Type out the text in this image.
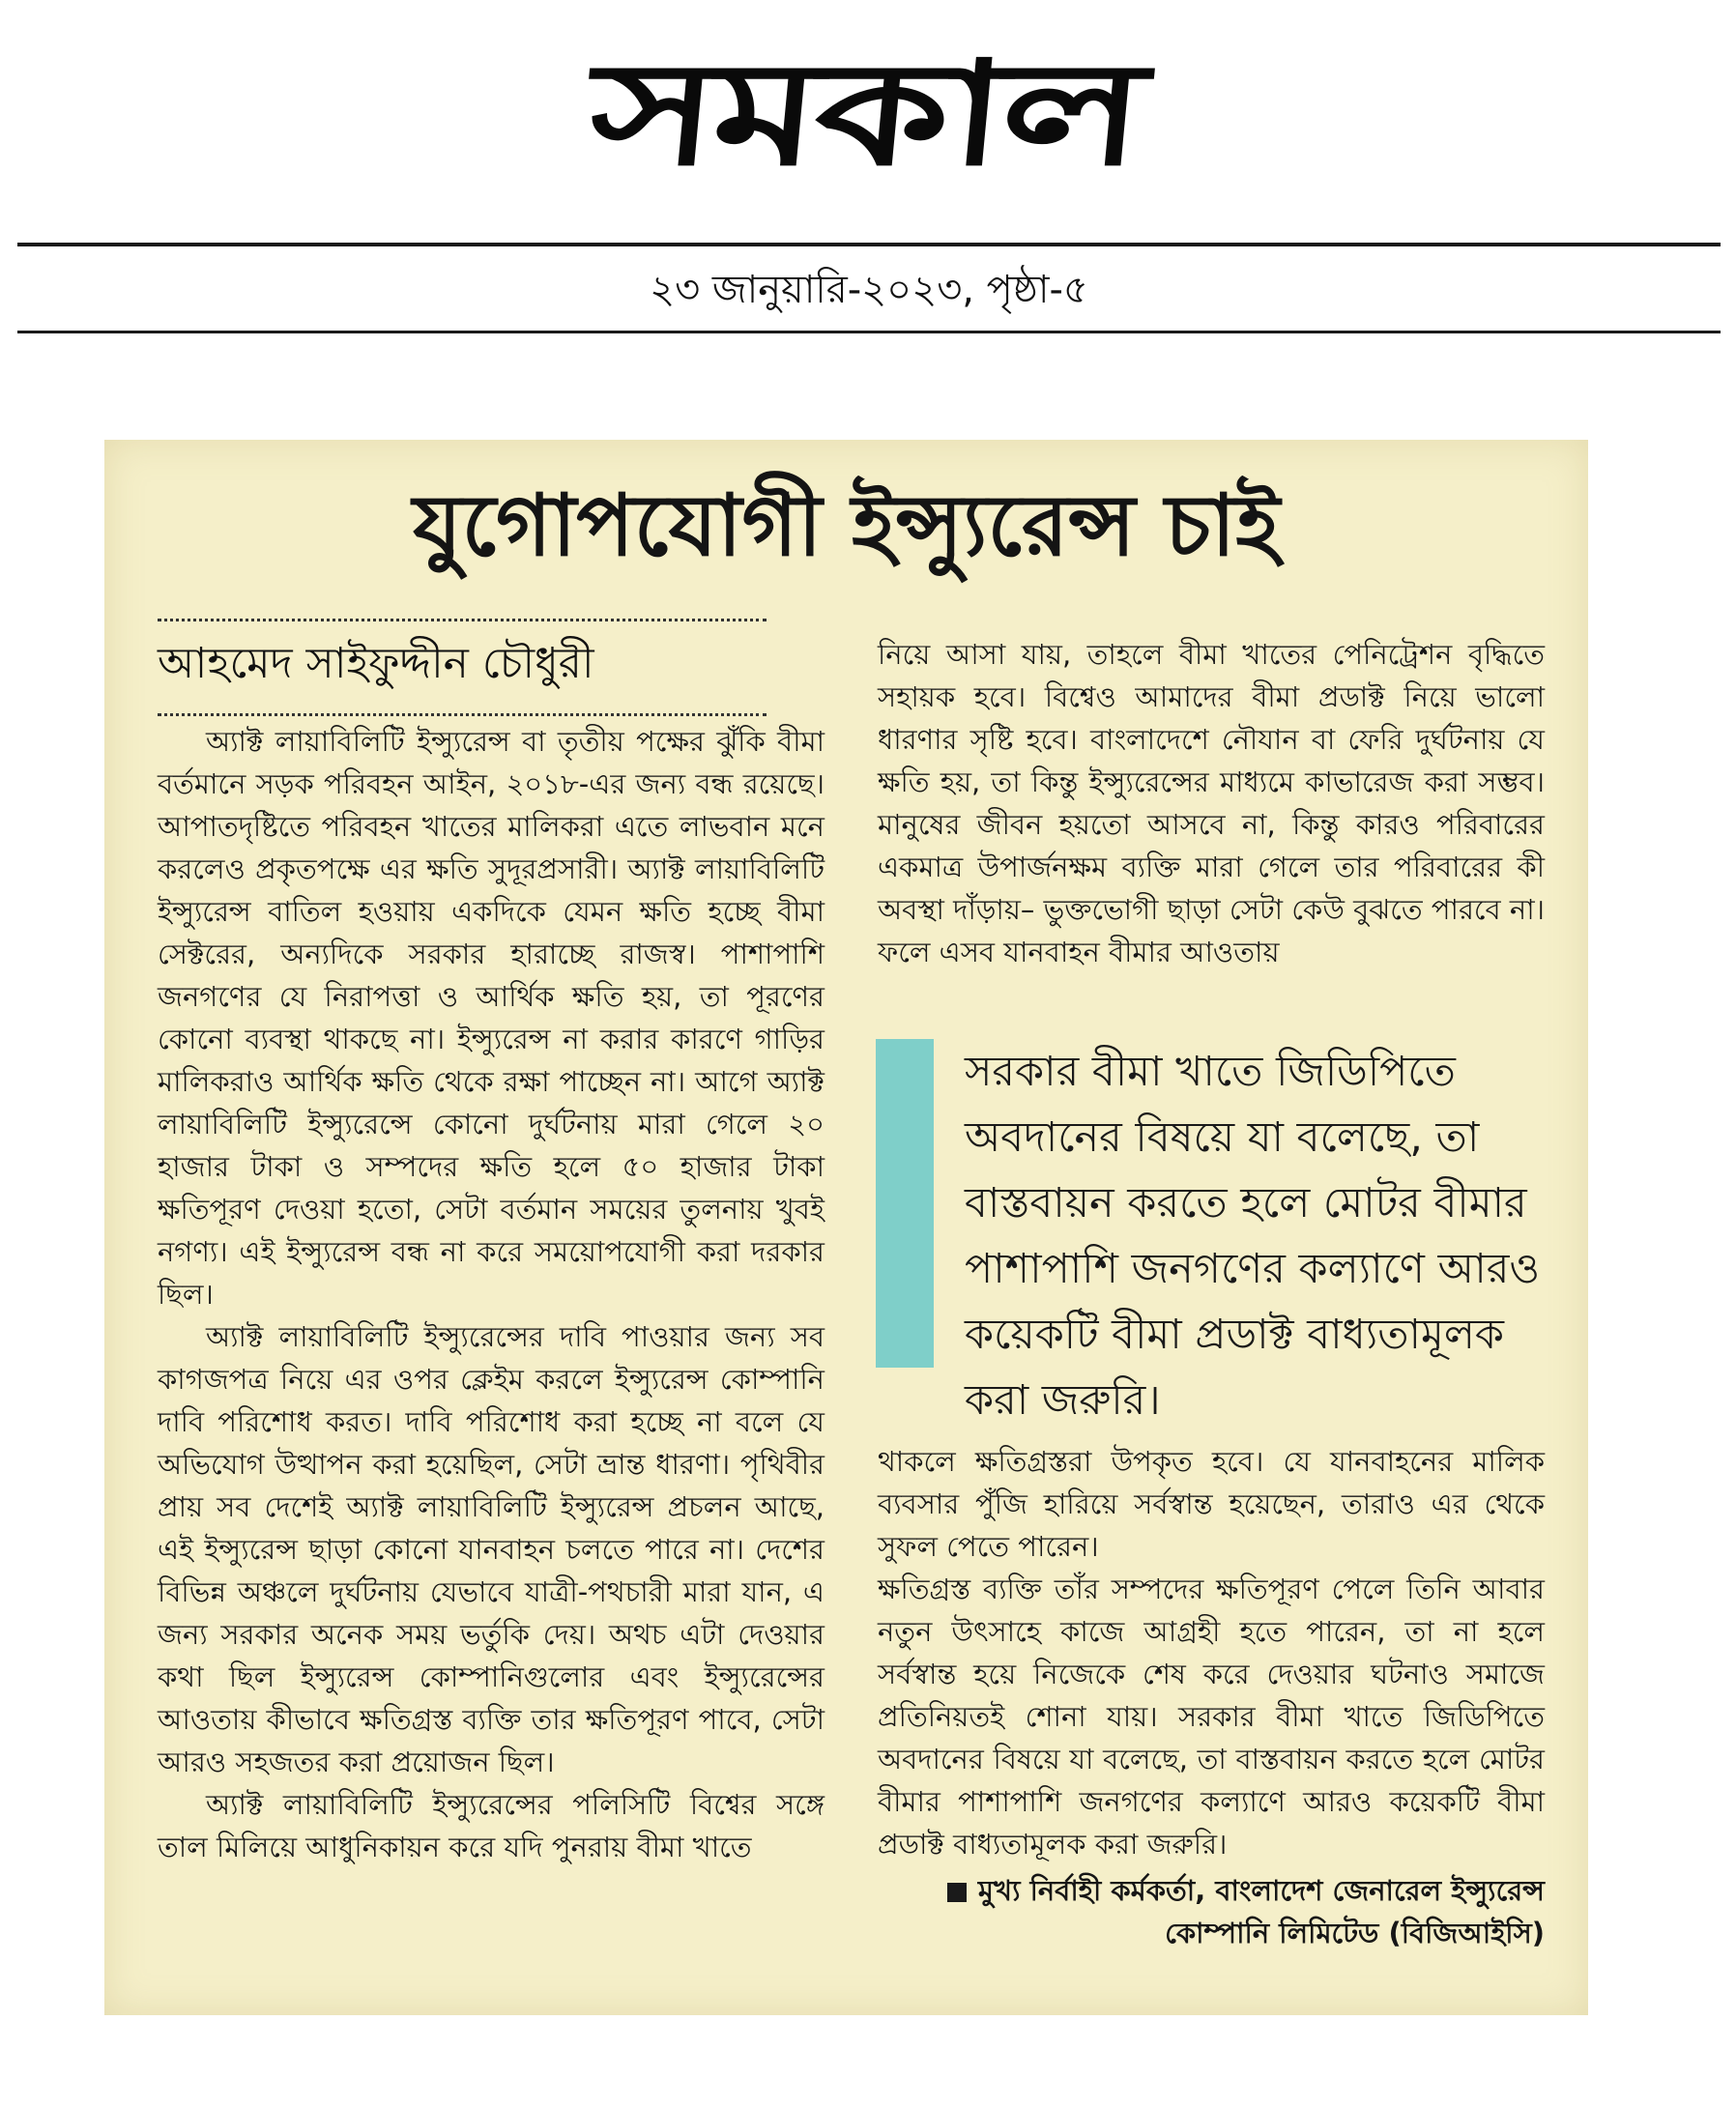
সমকাল
২৩ জানুয়ারি-২০২৩, পৃষ্ঠা-৫
যুগোপযোগী ইন্স্যুরেন্স চাই
আহমেদ সাইফুদ্দীন চৌধুরী

অ্যাক্ট লায়াবিলিটি ইন্স্যুরেন্স বা তৃতীয় পক্ষের ঝুঁকি বীমা বর্তমানে সড়ক পরিবহন আইন, ২০১৮-এর জন্য বন্ধ রয়েছে। আপাতদৃষ্টিতে পরিবহন খাতের মালিকরা এতে লাভবান মনে করলেও প্রকৃতপক্ষে এর ক্ষতি সুদূরপ্রসারী। অ্যাক্ট লায়াবিলিটি ইন্স্যুরেন্স বাতিল হওয়ায় একদিকে যেমন ক্ষতি হচ্ছে বীমা সেক্টরের, অন্যদিকে সরকার হারাচ্ছে রাজস্ব। পাশাপাশি জনগণের যে নিরাপত্তা ও আর্থিক ক্ষতি হয়, তা পূরণের কোনো ব্যবস্থা থাকছে না। ইন্স্যুরেন্স না করার কারণে গাড়ির মালিকরাও আর্থিক ক্ষতি থেকে রক্ষা পাচ্ছেন না। আগে অ্যাক্ট লায়াবিলিটি ইন্স্যুরেন্সে কোনো দুর্ঘটনায় মারা গেলে ২০ হাজার টাকা ও সম্পদের ক্ষতি হলে ৫০ হাজার টাকা ক্ষতিপূরণ দেওয়া হতো, সেটা বর্তমান সময়ের তুলনায় খুবই নগণ্য। এই ইন্স্যুরেন্স বন্ধ না করে সময়োপযোগী করা দরকার ছিল।

অ্যাক্ট লায়াবিলিটি ইন্স্যুরেন্সের দাবি পাওয়ার জন্য সব কাগজপত্র নিয়ে এর ওপর ক্লেইম করলে ইন্স্যুরেন্স কোম্পানি দাবি পরিশোধ করত। দাবি পরিশোধ করা হচ্ছে না বলে যে অভিযোগ উত্থাপন করা হয়েছিল, সেটা ভ্রান্ত ধারণা। পৃথিবীর প্রায় সব দেশেই অ্যাক্ট লায়াবিলিটি ইন্স্যুরেন্স প্রচলন আছে, এই ইন্স্যুরেন্স ছাড়া কোনো যানবাহন চলতে পারে না। দেশের বিভিন্ন অঞ্চলে দুর্ঘটনায় যেভাবে যাত্রী-পথচারী মারা যান, এ জন্য সরকার অনেক সময় ভর্তুকি দেয়। অথচ এটা দেওয়ার কথা ছিল ইন্স্যুরেন্স কোম্পানিগুলোর এবং ইন্স্যুরেন্সের আওতায় কীভাবে ক্ষতিগ্রস্ত ব্যক্তি তার ক্ষতিপূরণ পাবে, সেটা আরও সহজতর করা প্রয়োজন ছিল।

অ্যাক্ট লায়াবিলিটি ইন্স্যুরেন্সের পলিসিটি বিশ্বের সঙ্গে তাল মিলিয়ে আধুনিকায়ন করে যদি পুনরায় বীমা খাতে

নিয়ে আসা যায়, তাহলে বীমা খাতের পেনিট্রেশন বৃদ্ধিতে সহায়ক হবে। বিশ্বেও আমাদের বীমা প্রডাক্ট নিয়ে ভালো ধারণার সৃষ্টি হবে। বাংলাদেশে নৌযান বা ফেরি দুর্ঘটনায় যে ক্ষতি হয়, তা কিন্তু ইন্স্যুরেন্সের মাধ্যমে কাভারেজ করা সম্ভব। মানুষের জীবন হয়তো আসবে না, কিন্তু কারও পরিবারের একমাত্র উপার্জনক্ষম ব্যক্তি মারা গেলে তার পরিবারের কী অবস্থা দাঁড়ায়– ভুক্তভোগী ছাড়া সেটা কেউ বুঝতে পারবে না। ফলে এসব যানবাহন বীমার আওতায়

সরকার বীমা খাতে জিডিপিতে অবদানের বিষয়ে যা বলেছে, তা বাস্তবায়ন করতে হলে মোটর বীমার পাশাপাশি জনগণের কল্যাণে আরও কয়েকটি বীমা প্রডাক্ট বাধ্যতামূলক করা জরুরি।

থাকলে ক্ষতিগ্রস্তরা উপকৃত হবে। যে যানবাহনের মালিক ব্যবসার পুঁজি হারিয়ে সর্বস্বান্ত হয়েছেন, তারাও এর থেকে সুফল পেতে পারেন।

ক্ষতিগ্রস্ত ব্যক্তি তাঁর সম্পদের ক্ষতিপূরণ পেলে তিনি আবার নতুন উৎসাহে কাজে আগ্রহী হতে পারেন, তা না হলে সর্বস্বান্ত হয়ে নিজেকে শেষ করে দেওয়ার ঘটনাও সমাজে প্রতিনিয়তই শোনা যায়। সরকার বীমা খাতে জিডিপিতে অবদানের বিষয়ে যা বলেছে, তা বাস্তবায়ন করতে হলে মোটর বীমার পাশাপাশি জনগণের কল্যাণে আরও কয়েকটি বীমা প্রডাক্ট বাধ্যতামূলক করা জরুরি।

মুখ্য নির্বাহী কর্মকর্তা, বাংলাদেশ জেনারেল ইন্স্যুরেন্স

কোম্পানি লিমিটেড (বিজিআইসি)
